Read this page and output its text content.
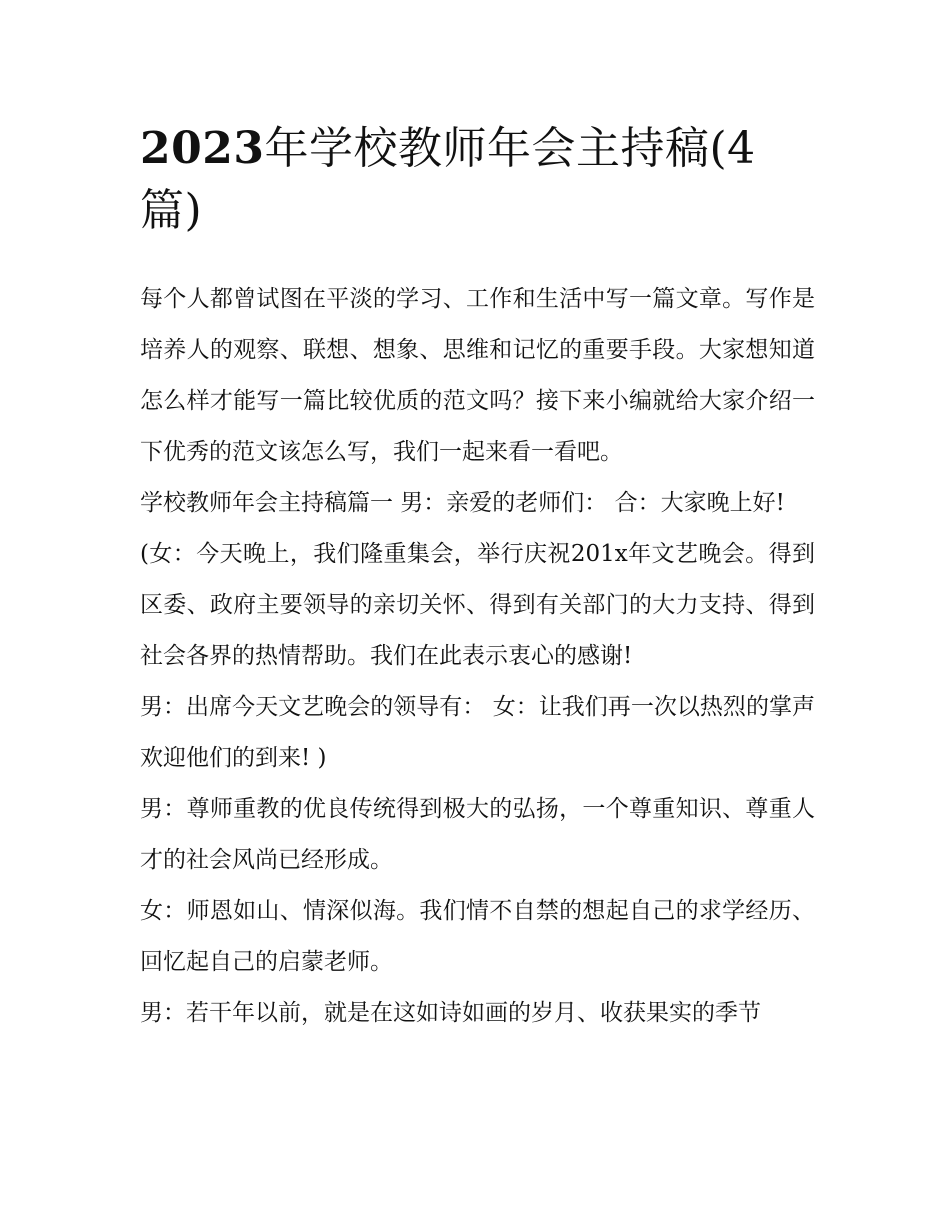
2023年学校教师年会主持稿(4篇)

每个人都曾试图在平淡的学习、工作和生活中写一篇文章。写作是培养人的观察、联想、想象、思维和记忆的重要手段。大家想知道怎么样才能写一篇比较优质的范文吗？接下来小编就给大家介绍一下优秀的范文该怎么写，我们一起来看一看吧。

学校教师年会主持稿篇一 男：亲爱的老师们： 合：大家晚上好!

(女：今天晚上，我们隆重集会，举行庆祝201x年文艺晚会。得到区委、政府主要领导的亲切关怀、得到有关部门的大力支持、得到社会各界的热情帮助。我们在此表示衷心的感谢!

男：出席今天文艺晚会的领导有： 女：让我们再一次以热烈的掌声欢迎他们的到来! )

男：尊师重教的优良传统得到极大的弘扬，一个尊重知识、尊重人才的社会风尚已经形成。

女：师恩如山、情深似海。我们情不自禁的想起自己的求学经历、回忆起自己的启蒙老师。

男：若干年以前，就是在这如诗如画的岁月、收获果实的季节
